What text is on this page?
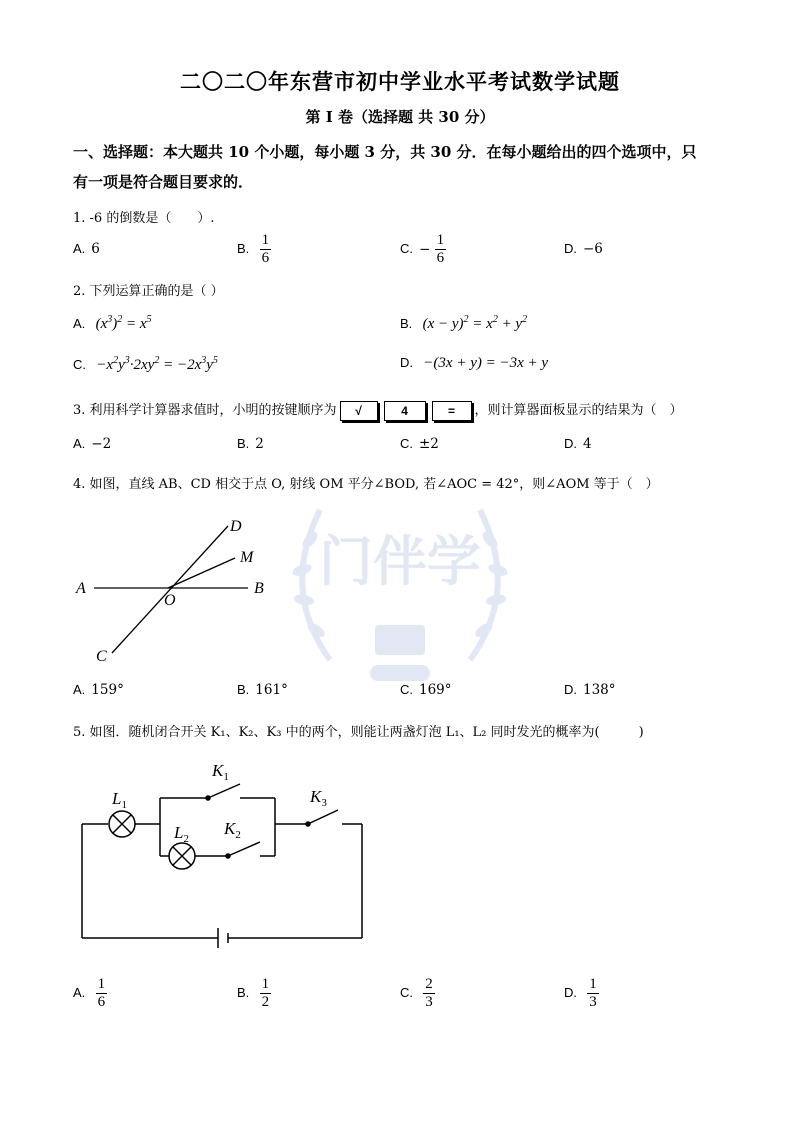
门伴学
二〇二〇年东营市初中学业水平考试数学试题
第 I 卷（选择题 共 30 分）
一、选择题：本大题共 10 个小题，每小题 3 分，共 30 分．在每小题给出的四个选项中，只
有一项是符合题目要求的．
1. -6 的倒数是（　　）.
A. 6	B. $\frac{1}{6}$	C. − $\frac{1}{6}$	D. −6
2. 下列运算正确的是（ ）
A. $(x^3)^2 = x^5$	B. $(x - y)^2 = x^2 + y^2$
C. $-x^2y^3\cdot 2xy^2 = -2x^3y^5$	D. −(3x + y) = −3x + y
3. 利用科学计算器求值时，小明的按键顺序为 √	4	= ，则计算器面板显示的结果为（　）
A. −2	B. 2	C. ±2	D. 4
4. 如图，直线 AB、CD 相交于点 O, 射线 OM 平分∠BOD, 若∠AOC = 42°，则∠AOM 等于（　）
A	B
C
D
M
O
A. 159°	B. 161°	C. 169°	D. 138°
5. 如图．随机闭合开关 K₁、K₂、K₃ 中的两个，则能让两盏灯泡 L₁、L₂ 同时发光的概率为(　　　)
$L_1$
$L_2$
$K_1$
$K_2$
$K_3$
A. $\frac{1}{6}$	B. $\frac{1}{2}$	C. $\frac{2}{3}$	D. $\frac{1}{3}$
